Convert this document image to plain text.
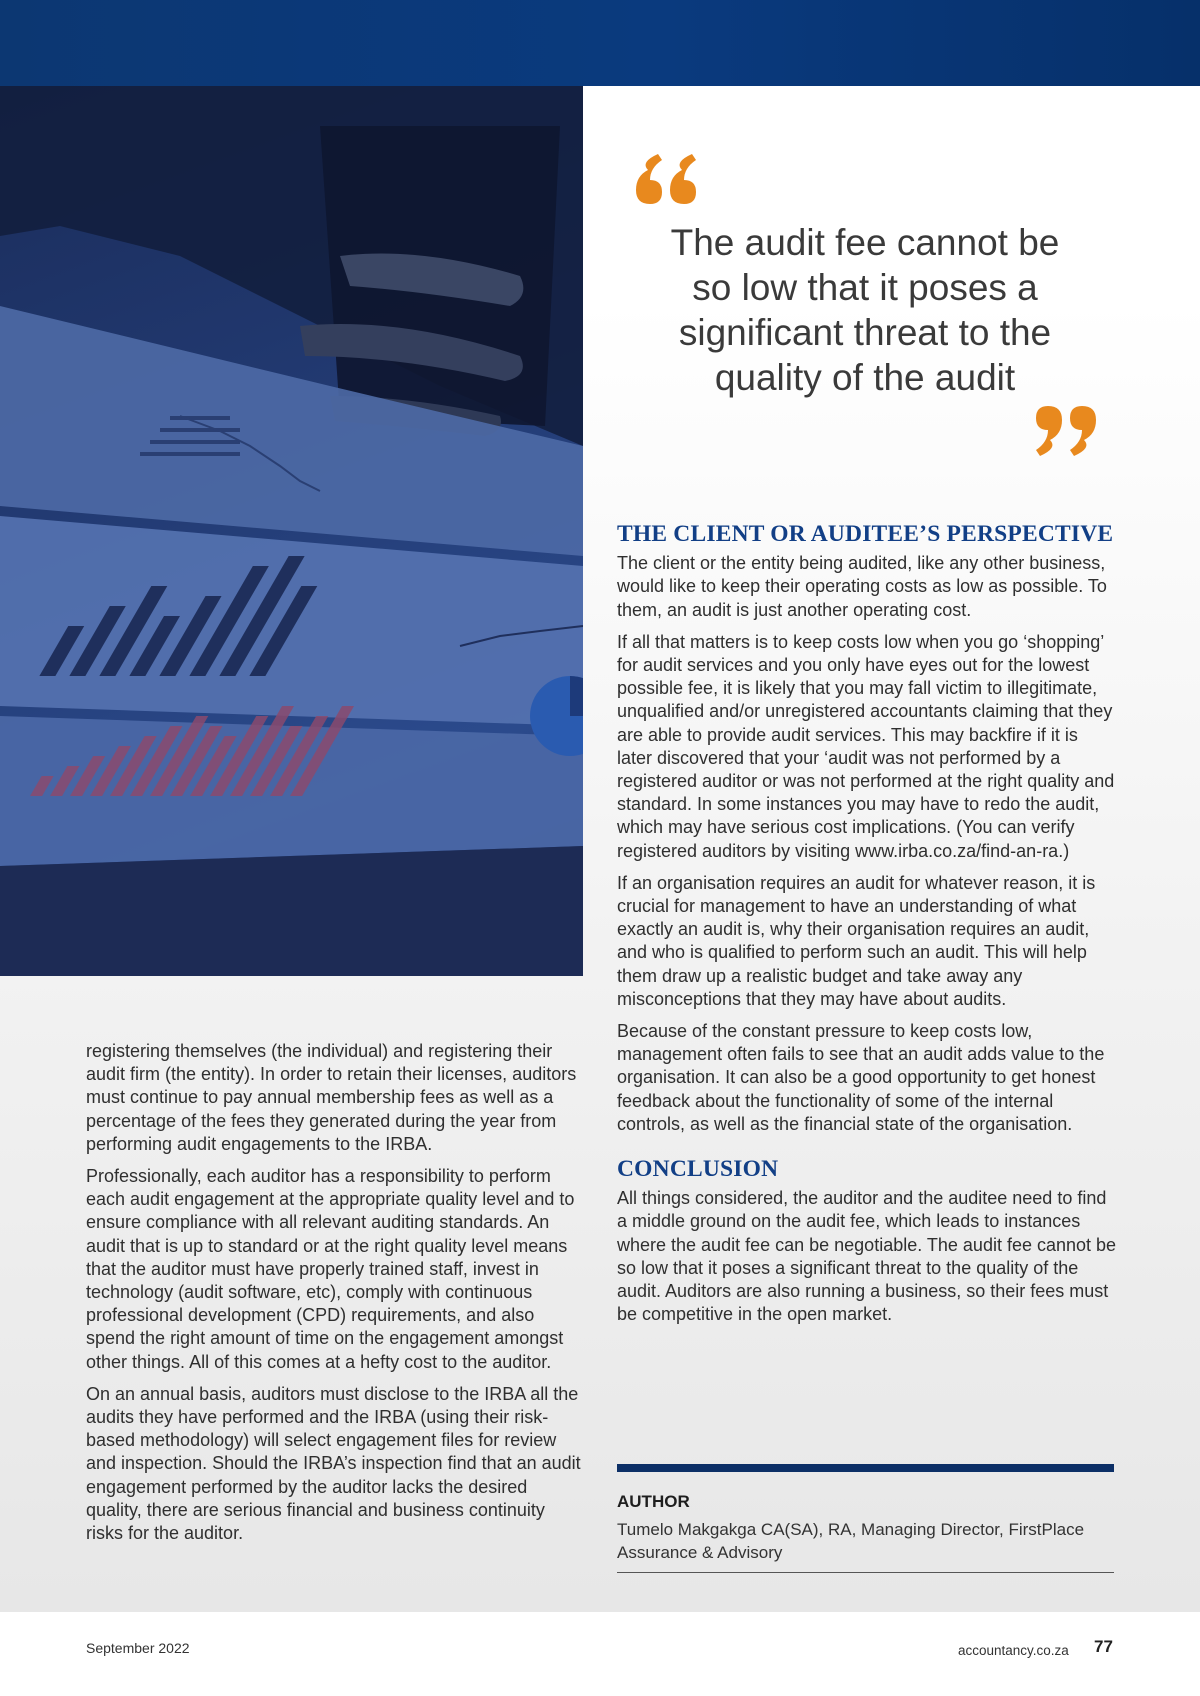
The audit fee cannot be so low that it poses a significant threat to the quality of the audit

registering themselves (the individual) and registering their audit firm (the entity). In order to retain their licenses, auditors must continue to pay annual membership fees as well as a percentage of the fees they generated during the year from performing audit engagements to the IRBA.

Professionally, each auditor has a responsibility to perform each audit engagement at the appropriate quality level and to ensure compliance with all relevant auditing standards. An audit that is up to standard or at the right quality level means that the auditor must have properly trained staff, invest in technology (audit software, etc), comply with continuous professional development (CPD) requirements, and also spend the right amount of time on the engagement amongst other things. All of this comes at a hefty cost to the auditor.

On an annual basis, auditors must disclose to the IRBA all the audits they have performed and the IRBA (using their risk-based methodology) will select engagement files for review and inspection. Should the IRBA’s inspection find that an audit engagement performed by the auditor lacks the desired quality, there are serious financial and business continuity risks for the auditor.

THE CLIENT OR AUDITEE’S PERSPECTIVE

The client or the entity being audited, like any other business, would like to keep their operating costs as low as possible. To them, an audit is just another operating cost.

If all that matters is to keep costs low when you go ‘shopping’ for audit services and you only have eyes out for the lowest possible fee, it is likely that you may fall victim to illegitimate, unqualified and/or unregistered accountants claiming that they are able to provide audit services. This may backfire if it is later discovered that your ‘audit was not performed by a registered auditor or was not performed at the right quality and standard. In some instances you may have to redo the audit, which may have serious cost implications. (You can verify registered auditors by visiting www.irba.co.za/find-an-ra.)

If an organisation requires an audit for whatever reason, it is crucial for management to have an understanding of what exactly an audit is, why their organisation requires an audit, and who is qualified to perform such an audit. This will help them draw up a realistic budget and take away any misconceptions that they may have about audits.

Because of the constant pressure to keep costs low, management often fails to see that an audit adds value to the organisation. It can also be a good opportunity to get honest feedback about the functionality of some of the internal controls, as well as the financial state of the organisation.

CONCLUSION

All things considered, the auditor and the auditee need to find a middle ground on the audit fee, which leads to instances where the audit fee can be negotiable. The audit fee cannot be so low that it poses a significant threat to the quality of the audit. Auditors are also running a business, so their fees must be competitive in the open market.

AUTHOR
Tumelo Makgakga CA(SA), RA, Managing Director, FirstPlace Assurance & Advisory
September 2022	accountancy.co.za 77
